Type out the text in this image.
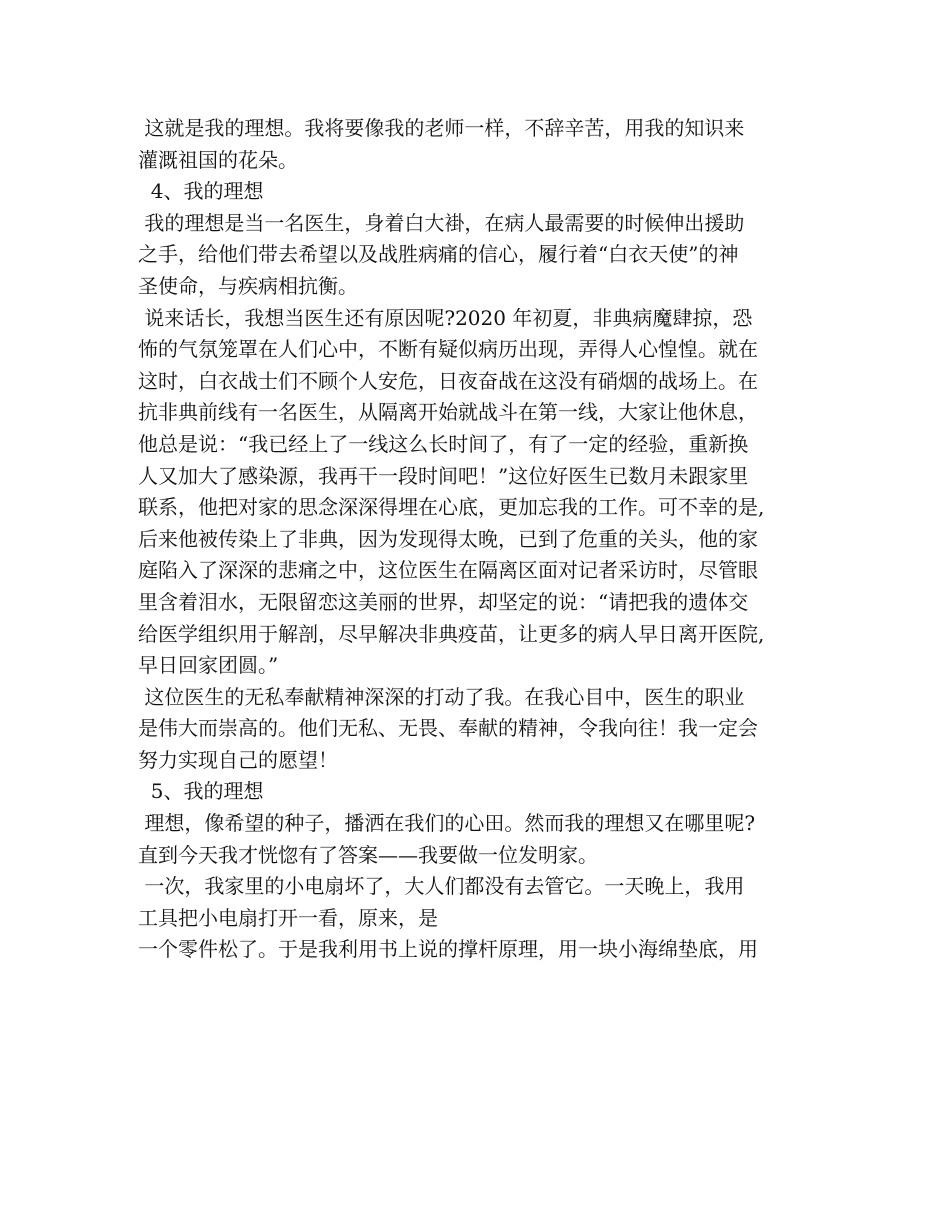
这就是我的理想。我将要像我的老师一样，不辞辛苦，用我的知识来
灌溉祖国的花朵。
4、我的理想
我的理想是当一名医生，身着白大褂，在病人最需要的时候伸出援助
之手，给他们带去希望以及战胜病痛的信心，履行着“白衣天使”的神
圣使命，与疾病相抗衡。
说来话长，我想当医生还有原因呢?2020 年初夏，非典病魔肆掠，恐
怖的气氛笼罩在人们心中，不断有疑似病历出现，弄得人心惶惶。就在
这时，白衣战士们不顾个人安危，日夜奋战在这没有硝烟的战场上。在
抗非典前线有一名医生，从隔离开始就战斗在第一线，大家让他休息，
他总是说：“我已经上了一线这么长时间了，有了一定的经验，重新换
人又加大了感染源，我再干一段时间吧！”这位好医生已数月未跟家里
联系，他把对家的思念深深得埋在心底，更加忘我的工作。可不幸的是,
后来他被传染上了非典，因为发现得太晚，已到了危重的关头，他的家
庭陷入了深深的悲痛之中，这位医生在隔离区面对记者采访时，尽管眼
里含着泪水，无限留恋这美丽的世界，却坚定的说：“请把我的遗体交
给医学组织用于解剖，尽早解决非典疫苗，让更多的病人早日离开医院,
早日回家团圆。”
这位医生的无私奉献精神深深的打动了我。在我心目中，医生的职业
是伟大而崇高的。他们无私、无畏、奉献的精神，令我向往！我一定会
努力实现自己的愿望！
5、我的理想
理想，像希望的种子，播洒在我们的心田。然而我的理想又在哪里呢?
直到今天我才恍惚有了答案——我要做一位发明家。
一次，我家里的小电扇坏了，大人们都没有去管它。一天晚上，我用
工具把小电扇打开一看，原来，是
一个零件松了。于是我利用书上说的撑杆原理，用一块小海绵垫底，用
